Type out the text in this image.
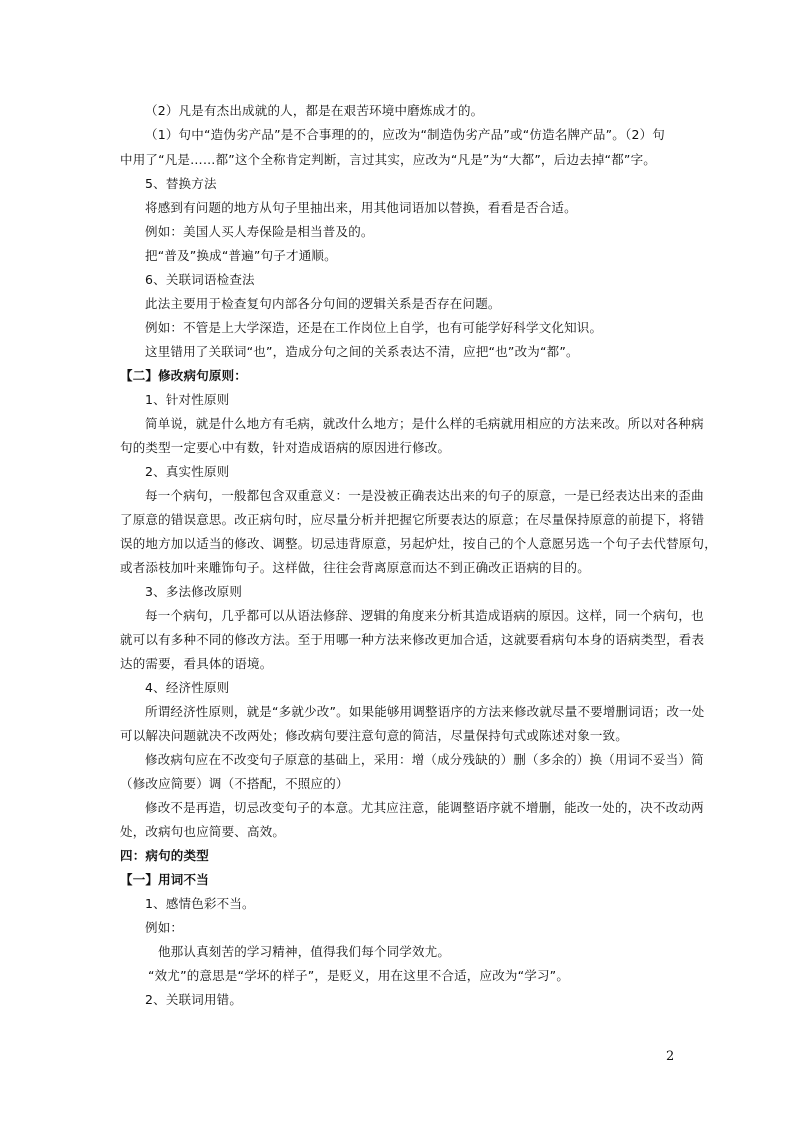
（2）凡是有杰出成就的人，都是在艰苦环境中磨炼成才的。
（1）句中“造伪劣产品”是不合事理的的，应改为“制造伪劣产品”或“仿造名牌产品”。（2）句
中用了“凡是……都”这个全称肯定判断，言过其实，应改为“凡是”为“大都”，后边去掉“都”字。
5、替换方法
将感到有问题的地方从句子里抽出来，用其他词语加以替换，看看是否合适。
例如：美国人买人寿保险是相当普及的。
把“普及”换成“普遍”句子才通顺。
6、关联词语检查法
此法主要用于检查复句内部各分句间的逻辑关系是否存在问题。
例如：不管是上大学深造，还是在工作岗位上自学，也有可能学好科学文化知识。
这里错用了关联词“也”，造成分句之间的关系表达不清，应把“也”改为“都”。
【二】修改病句原则：
1、针对性原则
简单说，就是什么地方有毛病，就改什么地方；是什么样的毛病就用相应的方法来改。所以对各种病
句的类型一定要心中有数，针对造成语病的原因进行修改。
2、真实性原则
每一个病句，一般都包含双重意义：一是没被正确表达出来的句子的原意，一是已经表达出来的歪曲
了原意的错误意思。改正病句时，应尽量分析并把握它所要表达的原意；在尽量保持原意的前提下，将错
误的地方加以适当的修改、调整。切忌违背原意，另起炉灶，按自己的个人意愿另选一个句子去代替原句，
或者添枝加叶来雕饰句子。这样做，往往会背离原意而达不到正确改正语病的目的。
3、多法修改原则
每一个病句，几乎都可以从语法修辞、逻辑的角度来分析其造成语病的原因。这样，同一个病句，也
就可以有多种不同的修改方法。至于用哪一种方法来修改更加合适，这就要看病句本身的语病类型，看表
达的需要，看具体的语境。
4、经济性原则
所谓经济性原则，就是“多就少改”。如果能够用调整语序的方法来修改就尽量不要增删词语；改一处
可以解决问题就决不改两处；修改病句要注意句意的简洁，尽量保持句式或陈述对象一致。
修改病句应在不改变句子原意的基础上，采用：增（成分残缺的）删（多余的）换（用词不妥当）简
（修改应简要）调（不搭配，不照应的）
修改不是再造，切忌改变句子的本意。尤其应注意，能调整语序就不增删，能改一处的，决不改动两
处，改病句也应简要、高效。
四：病句的类型
【一】用词不当
1、感情色彩不当。
例如：
他那认真刻苦的学习精神，值得我们每个同学效尤。
“效尤”的意思是“学坏的样子”，是贬义，用在这里不合适，应改为“学习”。
2、关联词用错。
2
